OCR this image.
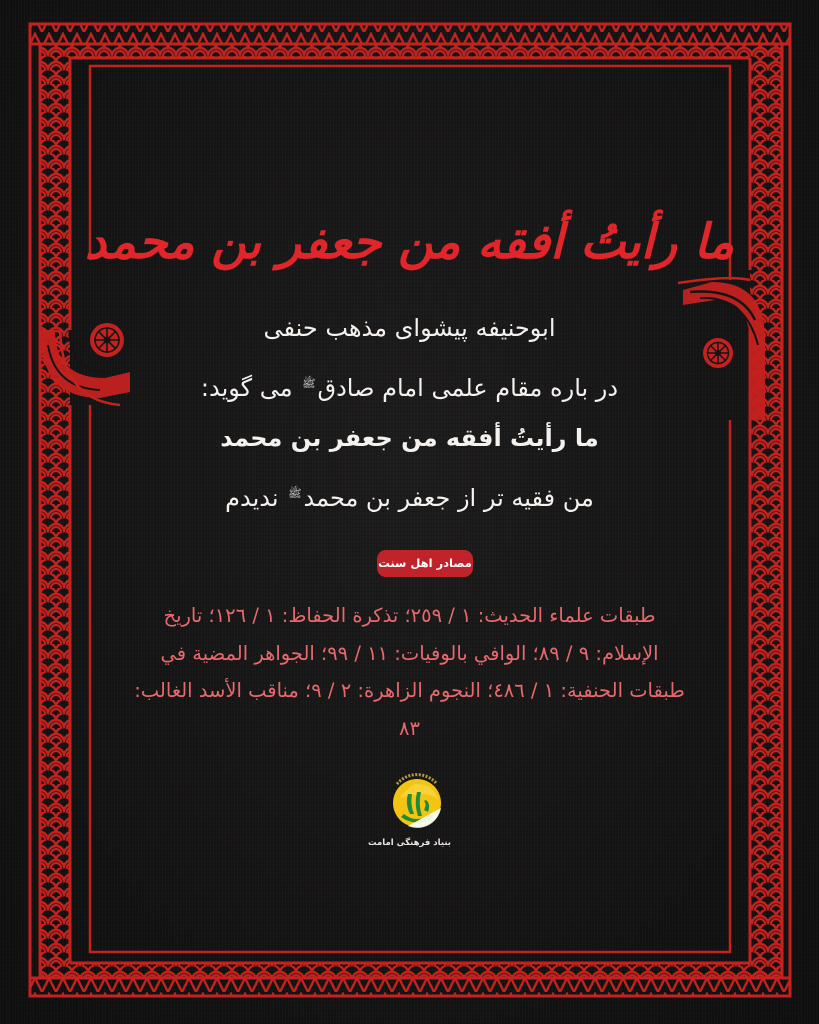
ما رأیتُ أفقه من جعفر بن محمد
ابوحنیفه پیشوای مذهب حنفی
در باره مقام علمی امام صادق$^ﷺ$ می گوید:
ما رأیتُ أفقه من جعفر بن محمد
من فقیه تر از جعفر بن محمد$^ﷺ$ ندیدم
مصادر اهل سنت
طبقات علماء الحدیث: ١ / ٢٥٩؛ تذکرة الحفاظ: ١ / ١٢٦؛ تاریخ الإسلام: ٩ / ٨٩؛ الوافي بالوفیات: ١١ / ٩٩؛ الجواهر المضیة في طبقات الحنفیة: ١ / ٤٨٦؛ النجوم الزاهرة: ٢ / ٩؛ مناقب الأسد الغالب: ٨٣
بنیاد فرهنگی امامت
